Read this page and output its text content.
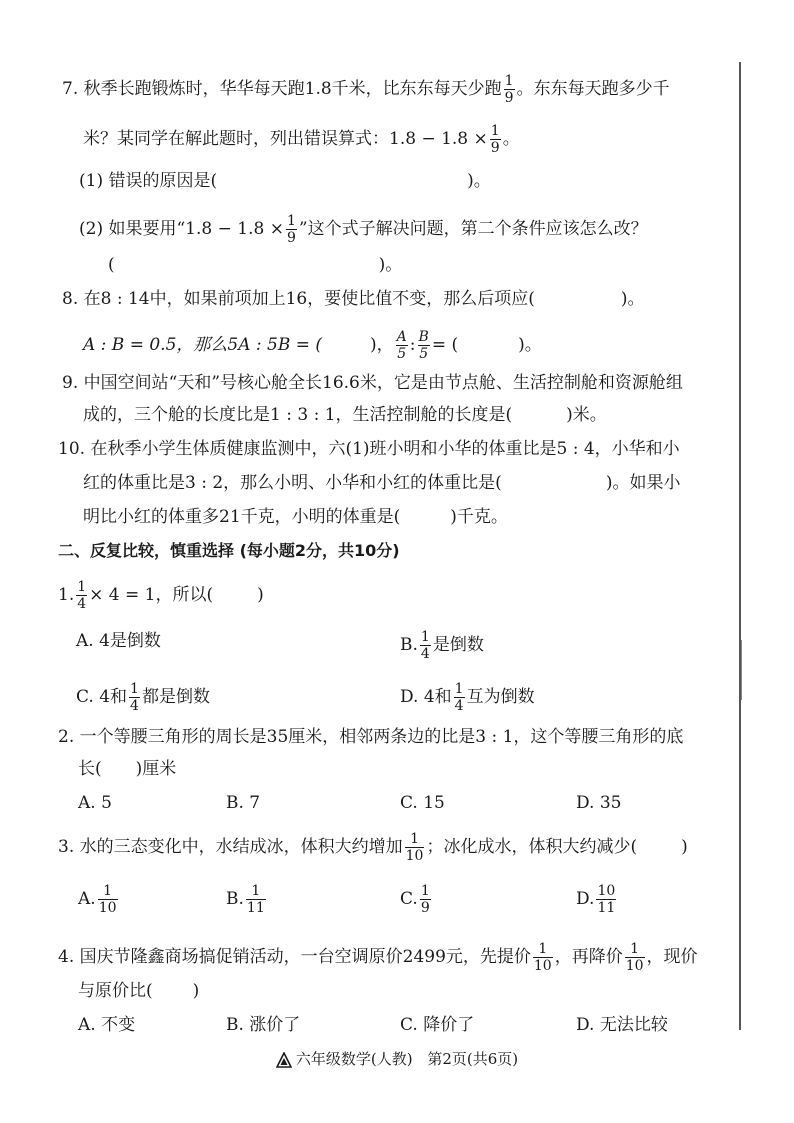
7. 秋季长跑锻炼时，华华每天跑1.8千米，比东东每天少跑 $\frac{1}{9}$ 。东东每天跑多少千
米？某同学在解此题时，列出错误算式：$1.8 - 1.8 \times \frac{1}{9}$ 。
(1) 错误的原因是(	)。
(2) 如果要用“$1.8 - 1.8 \times \frac{1}{9}$ ”这个式子解决问题，第二个条件应该怎么改？
(	)。
8. 在8 : 14中，如果前项加上16，要使比值不变，那么后项应(	)。
A : B = 0.5，那么5A : 5B = (	)， $\frac{A}{5}$ : $\frac{B}{5}$ = (	)。
9. 中国空间站“天和”号核心舱全长16.6米，它是由节点舱、生活控制舱和资源舱组
成的，三个舱的长度比是1 : 3 : 1，生活控制舱的长度是(	)米。
10. 在秋季小学生体质健康监测中，六(1)班小明和小华的体重比是5 : 4，小华和小
红的体重比是3 : 2，那么小明、小华和小红的体重比是(	)。如果小
明比小红的体重多21千克，小明的体重是(	)千克。
二、反复比较，慎重选择 (每小题2分，共10分)
1. $\frac{1}{4} \times 4 = 1$，所以(	)
A. 4是倒数	B. $\frac{1}{4}$ 是倒数
C. 4和 $\frac{1}{4}$ 都是倒数	D. 4和 $\frac{1}{4}$ 互为倒数
2. 一个等腰三角形的周长是35厘米，相邻两条边的比是3 : 1，这个等腰三角形的底
长( )厘米
A. 5	B. 7	C. 15	D. 35
3. 水的三态变化中，水结成冰，体积大约增加 $\frac{1}{10}$ ；冰化成水，体积大约减少(	)
A. $\frac{1}{10}$	B. $\frac{1}{11}$	C. $\frac{1}{9}$	D. $\frac{10}{11}$
4. 国庆节隆鑫商场搞促销活动，一台空调原价2499元，先提价 $\frac{1}{10}$ ，再降价 $\frac{1}{10}$ ，现价
与原价比( )
A. 不变	B. 涨价了	C. 降价了	D. 无法比较
六年级数学(人教) 第2页(共6页)
